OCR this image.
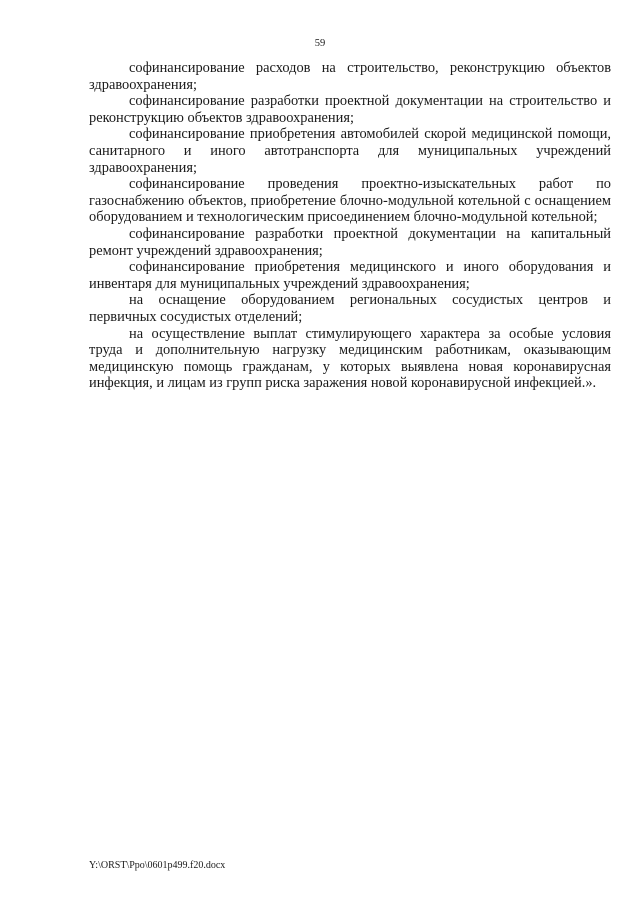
59

софинансирование расходов на строительство, реконструкцию объектов здравоохранения;

софинансирование разработки проектной документации на строительство и реконструкцию объектов здравоохранения;

софинансирование приобретения автомобилей скорой медицинской помощи, санитарного и иного автотранспорта для муниципальных учреждений здравоохранения;

софинансирование проведения проектно-изыскательных работ по газоснабжению объектов, приобретение блочно-модульной котельной с оснащением оборудованием и технологическим присоединением блочно-модульной котельной;

софинансирование разработки проектной документации на капитальный ремонт учреждений здравоохранения;

софинансирование приобретения медицинского и иного оборудования и инвентаря для муниципальных учреждений здравоохранения;

на оснащение оборудованием региональных сосудистых центров и первичных сосудистых отделений;

на осуществление выплат стимулирующего характера за особые условия труда и дополнительную нагрузку медицинским работникам, оказывающим медицинскую помощь гражданам, у которых выявлена новая коронавирусная инфекция, и лицам из групп риска заражения новой коронавирусной инфекцией.».

Y:\ORST\Ppo\0601p499.f20.docx
